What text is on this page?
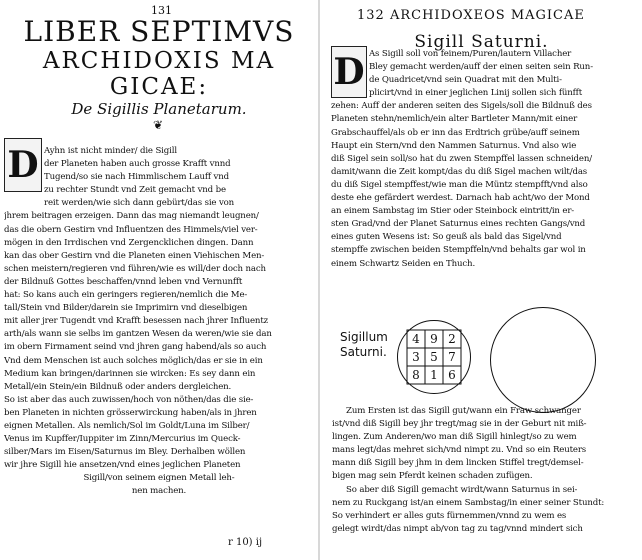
131
LIBER SEPTIMVS
ARCHIDOXIS MA
GICAE:
De Sigillis Planetarum.
❦
D Ayhn ist nicht minder/ die Sigill
der Planeten haben auch grosse Krafft vnnd
Tugend/so sie nach Himmlischem Lauff vnd
zu rechter Stundt vnd Zeit gemacht vnd be
reit werden/wie sich dann gebürt/das sie von
jhrem beitragen erzeigen. Dann das mag niemandt leugnen/
das die obern Gestirn vnd Influentzen des Himmels/viel ver-
mögen in den Irrdischen vnd Zergencklichen dingen. Dann
kan das ober Gestirn vnd die Planeten einen Viehischen Men-
schen meistern/regieren vnd führen/wie es will/der doch nach
der Bildnuß Gottes beschaffen/vnnd leben vnd Vernunfft
hat: So kans auch ein geringers regieren/nemlich die Me-
tall/Stein vnd Bilder/darein sie Imprimirn vnd dieselbigen
mit aller jrer Tugendt vnd Krafft besessen nach jhrer Influentz
arth/als wann sie selbs im gantzen Wesen da weren/wie sie dan
im obern Firmament seind vnd jhren gang habend/als so auch
Vnd dem Menschen ist auch solches möglich/das er sie in ein
Medium kan bringen/darinnen sie wircken: Es sey dann ein
Metall/ein Stein/ein Bildnuß oder anders dergleichen.
So ist aber das auch zuwissen/hoch von nöthen/das die sie-
ben Planeten in nichten grösserwirckung haben/als in jhren
eignen Metallen. Als nemlich/Sol im Goldt/Luna im Silber/
Venus im Kupffer/Iuppiter im Zinn/Mercurius im Queck-
silber/Mars im Eisen/Saturnus im Bley. Derhalben wöllen
wir jhre Sigill hie ansetzen/vnd eines jeglichen Planeten
Sigill/von seinem eignen Metall leh-
nen machen.
r 10) ij
132 ARCHIDOXEOS MAGICAE
Sigill Saturni.
D As Sigill soll von feinem/Puren/lautern Villacher
Bley gemacht werden/auff der einen seiten sein Run-
de Quadricet/vnd sein Quadrat mit den Multi-
plicirt/vnd in einer jeglichen Linij sollen sich fünfft
zehen: Auff der anderen seiten des Sigels/soll die Bildnuß des
Planeten stehn/nemlich/ein alter Bartleter Mann/mit einer
Grabschauffel/als ob er inn das Erdtrich grübe/auff seinem
Haupt ein Stern/vnd den Nammen Saturnus. Vnd also wie
diß Sigel sein soll/so hat du zwen Stempffel lassen schneiden/
damit/wann die Zeit kompt/das du diß Sigel machen wilt/das
du diß Sigel stempffest/wie man die Müntz stempfft/vnd also
deste ehe gefärdert werdest. Darnach hab acht/wo der Mond
an einem Sambstag im Stier oder Steinbock eintritt/in er-
sten Grad/vnd der Planet Saturnus eines rechten Gangs/vnd
eines guten Wesens ist: So geuß als bald das Sigel/vnd
stempffe zwischen beiden Stempffeln/vnd behalts gar wol in
einem Schwartz Seiden en Thuch.
Sigillum
Saturni.
4 9 2
3 5 7
8 1 6
Zum Ersten ist das Sigill gut/wann ein Fraw schwanger
ist/vnd diß Sigill bey jhr tregt/mag sie in der Geburt nit miß-
lingen. Zum Anderen/wo man diß Sigill hinlegt/so zu wem
mans legt/das mehret sich/vnd nimpt zu. Vnd so ein Reuters
mann diß Sigill bey jhm in dem lincken Stiffel tregt/demsel-
bigen mag sein Pferdt keinen schaden zufügen.
So aber diß Sigill gemacht wirdt/wann Saturnus in sei-
nem zu Ruckgang ist/an einem Sambstag/in einer seiner Stundt:
So verhindert er alles guts fürnemmen/vnnd zu wem es
gelegt wirdt/das nimpt ab/von tag zu tag/vnnd mindert sich
